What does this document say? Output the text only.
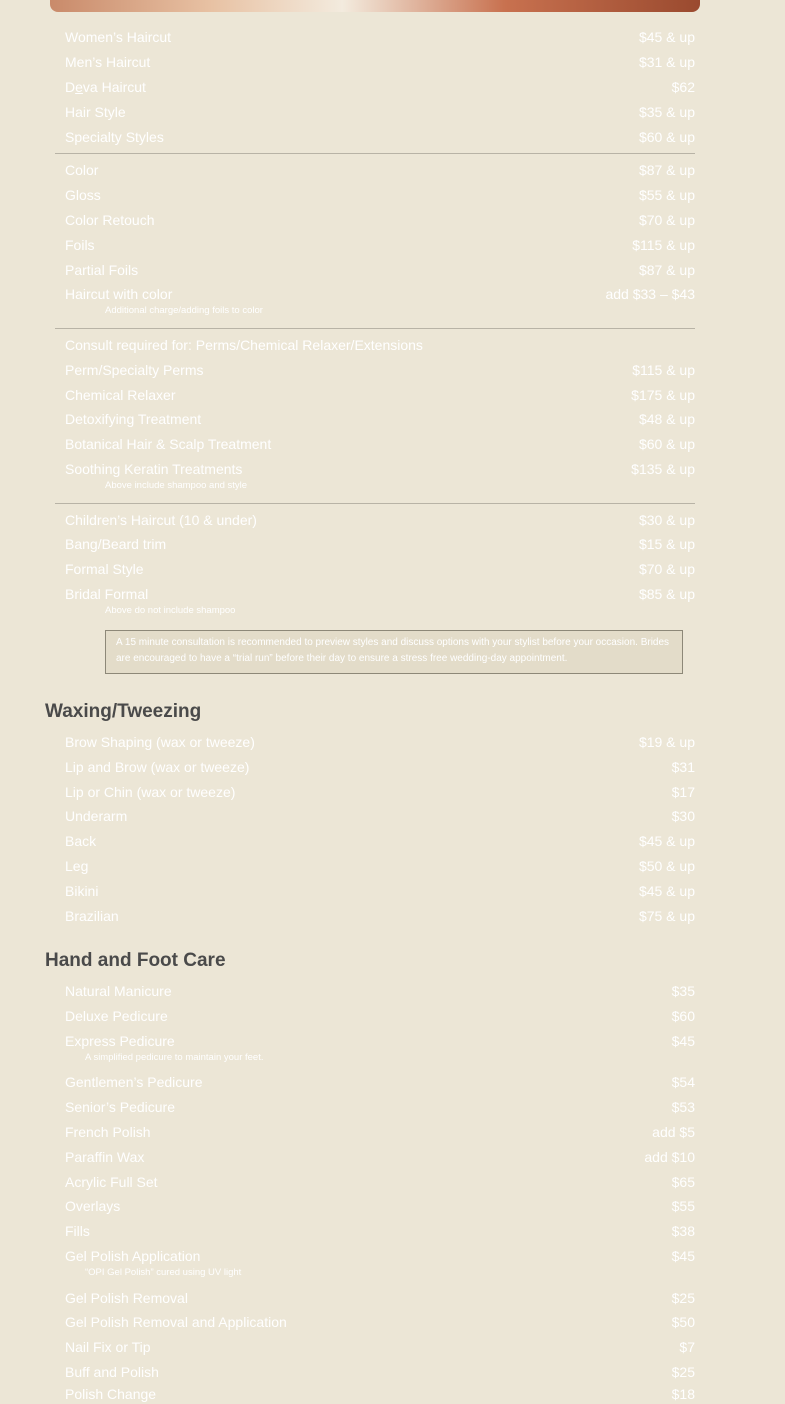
Women’s Haircut	$45 & up
Men’s Haircut	$31 & up
Deva Haircut	$62
Hair Style	$35 & up
Specialty Styles	$60 & up
Color	$87 & up
Gloss	$55 & up
Color Retouch	$70 & up
Foils	$115 & up
Partial Foils	$87 & up
Haircut with color	add $33 – $43
Additional charge/adding foils to color
Consult required for: Perms/Chemical Relaxer/Extensions
Perm/Specialty Perms	$115 & up
Chemical Relaxer	$175 & up
Detoxifying Treatment	$48 & up
Botanical Hair & Scalp Treatment	$60 & up
Soothing Keratin Treatments	$135 & up
Above include shampoo and style
Children’s Haircut (10 & under)	$30 & up
Bang/Beard trim	$15 & up
Formal Style	$70 & up
Bridal Formal	$85 & up
Above do not include shampoo
A 15 minute consultation is recommended to preview styles and discuss options with your stylist before your occasion. Brides are encouraged to have a “trial run” before their day to ensure a stress free wedding-day appointment.
Waxing/Tweezing
Brow Shaping (wax or tweeze)	$19 & up
Lip and Brow (wax or tweeze)	$31
Lip or Chin (wax or tweeze)	$17
Underarm	$30
Back	$45 & up
Leg	$50 & up
Bikini	$45 & up
Brazilian	$75 & up
Hand and Foot Care
Natural Manicure	$35
Deluxe Pedicure	$60
Express Pedicure	$45
A simplified pedicure to maintain your feet.
Gentlemen’s Pedicure	$54
Senior’s Pedicure	$53
French Polish	add $5
Paraffin Wax	add $10
Acrylic Full Set	$65
Overlays	$55
Fills	$38
Gel Polish Application	$45
“OPI Gel Polish” cured using UV light
Gel Polish Removal	$25
Gel Polish Removal and Application	$50
Nail Fix or Tip	$7
Buff and Polish	$25
Polish Change	$18
